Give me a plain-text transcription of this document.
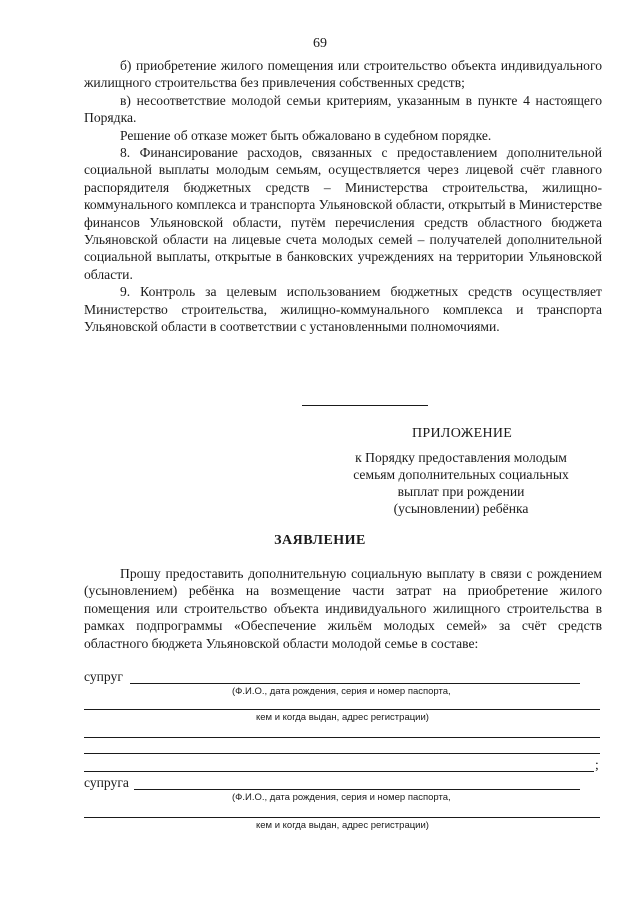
69

б) приобретение жилого помещения или строительство объекта индивидуального жилищного строительства без привлечения собственных средств;

в) несоответствие молодой семьи критериям, указанным в пункте 4 настоящего Порядка.

Решение об отказе может быть обжаловано в судебном порядке.

8. Финансирование расходов, связанных с предоставлением дополнительной социальной выплаты молодым семьям, осуществляется через лицевой счёт главного распорядителя бюджетных средств – Министерства строительства, жилищно-коммунального комплекса и транспорта Ульяновской области, открытый в Министерстве финансов Ульяновской области, путём перечисления средств областного бюджета Ульяновской области на лицевые счета молодых семей – получателей дополнительной социальной выплаты, открытые в банковских учреждениях на территории Ульяновской области.

9. Контроль за целевым использованием бюджетных средств осуществляет Министерство строительства, жилищно-коммунального комплекса и транспорта Ульяновской области в соответствии с установленными полномочиями.

ПРИЛОЖЕНИЕ
к Порядку предоставления молодым
семьям дополнительных социальных
выплат при рождении
(усыновлении) ребёнка
ЗАЯВЛЕНИЕ

Прошу предоставить дополнительную социальную выплату в связи с рождением (усыновлением) ребёнка на возмещение части затрат на приобретение жилого помещения или строительство объекта индивидуального жилищного строительства в рамках подпрограммы «Обеспечение жильём молодых семей» за счёт средств областного бюджета Ульяновской области молодой семье в составе:

супруг
(Ф.И.О., дата рождения, серия и номер паспорта,
кем и когда выдан, адрес регистрации)
;
супруга
(Ф.И.О., дата рождения, серия и номер паспорта,
кем и когда выдан, адрес регистрации)
